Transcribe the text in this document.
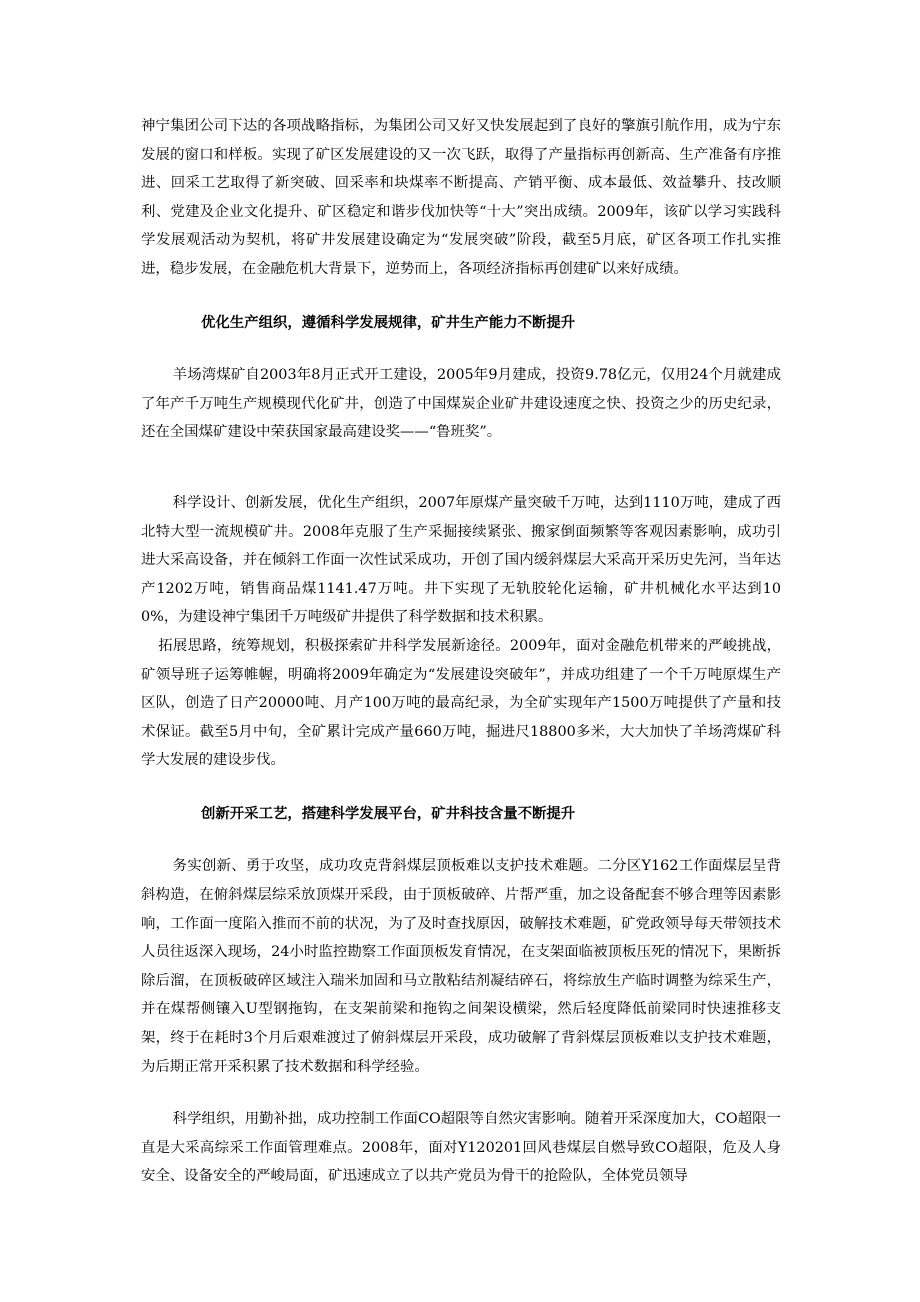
神宁集团公司下达的各项战略指标，为集团公司又好又快发展起到了良好的擎旗引航作用，成为宁东发展的窗口和样板。实现了矿区发展建设的又一次飞跃，取得了产量指标再创新高、生产准备有序推进、回采工艺取得了新突破、回采率和块煤率不断提高、产销平衡、成本最低、效益攀升、技改顺利、党建及企业文化提升、矿区稳定和谐步伐加快等“十大”突出成绩。2009年，该矿以学习实践科学发展观活动为契机，将矿井发展建设确定为“发展突破”阶段，截至5月底，矿区各项工作扎实推进，稳步发展，在金融危机大背景下，逆势而上，各项经济指标再创建矿以来好成绩。

优化生产组织，遵循科学发展规律，矿井生产能力不断提升

羊场湾煤矿自2003年8月正式开工建设，2005年9月建成，投资9.78亿元，仅用24个月就建成了年产千万吨生产规模现代化矿井，创造了中国煤炭企业矿井建设速度之快、投资之少的历史纪录，还在全国煤矿建设中荣获国家最高建设奖——“鲁班奖”。

科学设计、创新发展，优化生产组织，2007年原煤产量突破千万吨，达到1110万吨，建成了西北特大型一流规模矿井。2008年克服了生产采掘接续紧张、搬家倒面频繁等客观因素影响，成功引进大采高设备，并在倾斜工作面一次性试采成功，开创了国内缓斜煤层大采高开采历史先河，当年达产1202万吨，销售商品煤1141.47万吨。井下实现了无轨胶轮化运输，矿井机械化水平达到100%，为建设神宁集团千万吨级矿井提供了科学数据和技术积累。

拓展思路，统筹规划，积极探索矿井科学发展新途径。2009年，面对金融危机带来的严峻挑战，矿领导班子运筹帷幄，明确将2009年确定为“发展建设突破年”，并成功组建了一个千万吨原煤生产区队，创造了日产20000吨、月产100万吨的最高纪录，为全矿实现年产1500万吨提供了产量和技术保证。截至5月中旬，全矿累计完成产量660万吨，掘进尺18800多米，大大加快了羊场湾煤矿科学大发展的建设步伐。

创新开采工艺，搭建科学发展平台，矿井科技含量不断提升

务实创新、勇于攻坚，成功攻克背斜煤层顶板难以支护技术难题。二分区Y162工作面煤层呈背斜构造，在俯斜煤层综采放顶煤开采段，由于顶板破碎、片帮严重，加之设备配套不够合理等因素影响，工作面一度陷入推而不前的状况，为了及时查找原因，破解技术难题，矿党政领导每天带领技术人员往返深入现场，24小时监控勘察工作面顶板发育情况，在支架面临被顶板压死的情况下，果断拆除后溜，在顶板破碎区域注入瑞米加固和马立散粘结剂凝结碎石，将综放生产临时调整为综采生产，并在煤帮侧镶入U型钢拖钩，在支架前梁和拖钩之间架设横梁，然后轻度降低前梁同时快速推移支架，终于在耗时3个月后艰难渡过了俯斜煤层开采段，成功破解了背斜煤层顶板难以支护技术难题，为后期正常开采积累了技术数据和科学经验。

科学组织，用勤补拙，成功控制工作面CO超限等自然灾害影响。随着开采深度加大，CO超限一直是大采高综采工作面管理难点。2008年，面对Y120201回风巷煤层自燃导致CO超限，危及人身安全、设备安全的严峻局面，矿迅速成立了以共产党员为骨干的抢险队，全体党员领导
